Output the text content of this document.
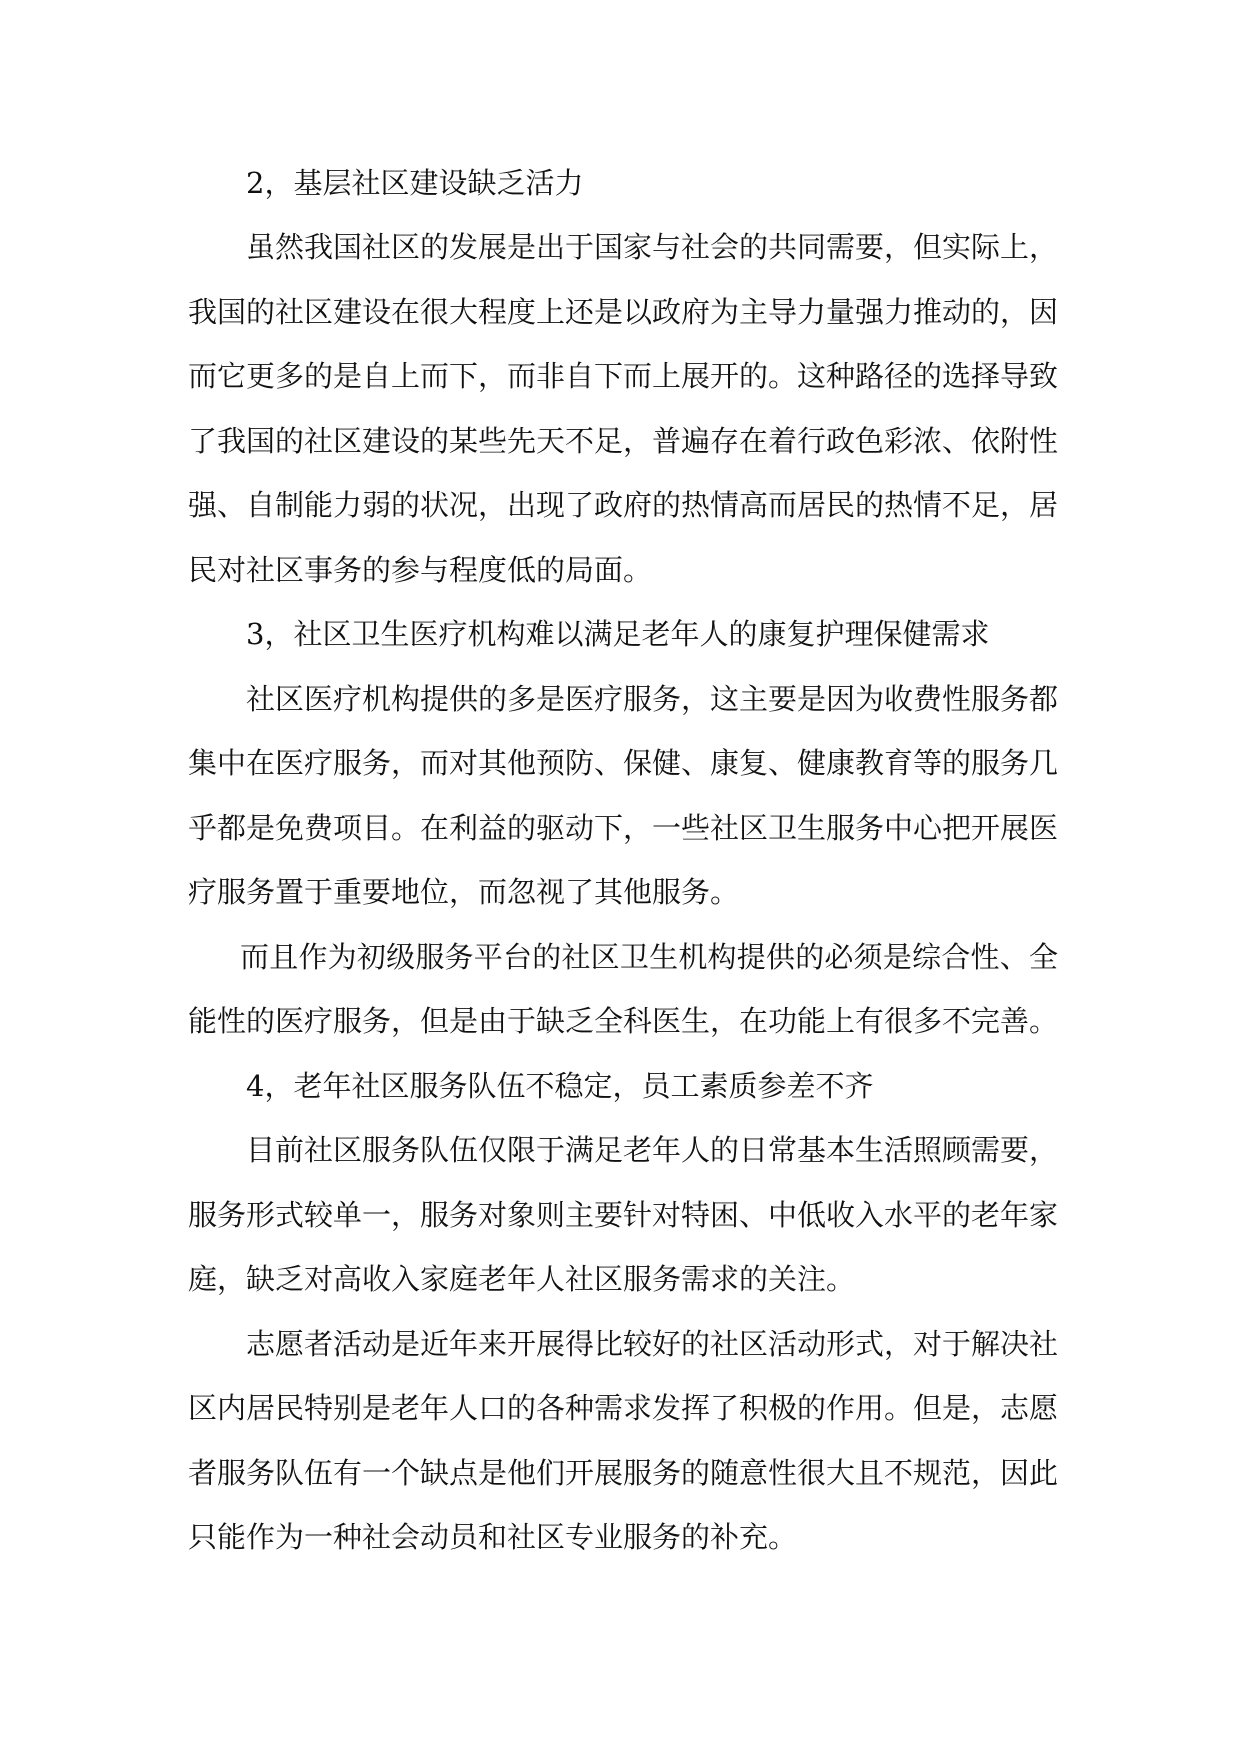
2，基层社区建设缺乏活力

虽然我国社区的发展是出于国家与社会的共同需要，但实际上，

我国的社区建设在很大程度上还是以政府为主导力量强力推动的，因

而它更多的是自上而下，而非自下而上展开的。这种路径的选择导致

了我国的社区建设的某些先天不足，普遍存在着行政色彩浓、依附性

强、自制能力弱的状况，出现了政府的热情高而居民的热情不足，居

民对社区事务的参与程度低的局面。

3，社区卫生医疗机构难以满足老年人的康复护理保健需求

社区医疗机构提供的多是医疗服务，这主要是因为收费性服务都

集中在医疗服务，而对其他预防、保健、康复、健康教育等的服务几

乎都是免费项目。在利益的驱动下，一些社区卫生服务中心把开展医

疗服务置于重要地位，而忽视了其他服务。

而且作为初级服务平台的社区卫生机构提供的必须是综合性、全

能性的医疗服务，但是由于缺乏全科医生，在功能上有很多不完善。

4，老年社区服务队伍不稳定，员工素质参差不齐

目前社区服务队伍仅限于满足老年人的日常基本生活照顾需要，

服务形式较单一，服务对象则主要针对特困、中低收入水平的老年家

庭，缺乏对高收入家庭老年人社区服务需求的关注。

志愿者活动是近年来开展得比较好的社区活动形式，对于解决社

区内居民特别是老年人口的各种需求发挥了积极的作用。但是，志愿

者服务队伍有一个缺点是他们开展服务的随意性很大且不规范，因此

只能作为一种社会动员和社区专业服务的补充。
